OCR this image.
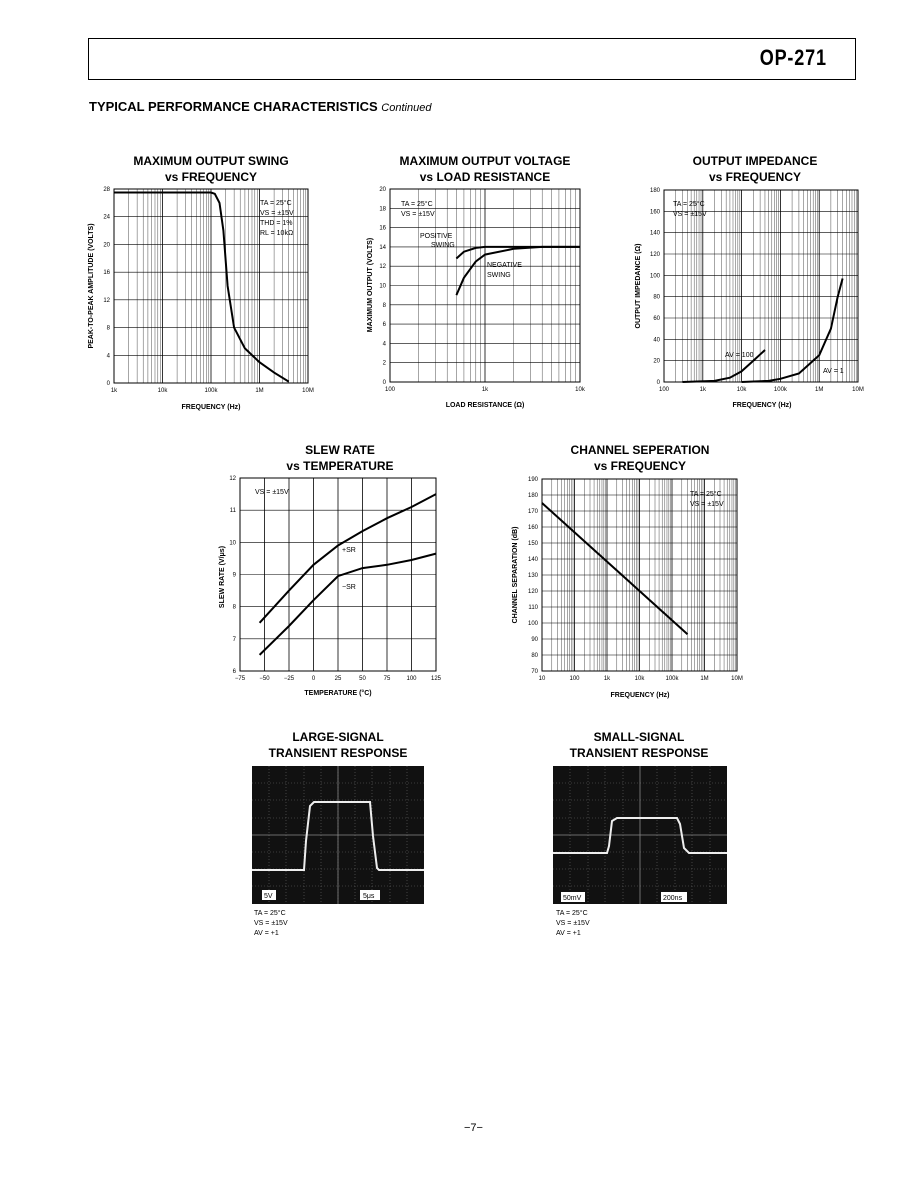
OP-271
TYPICAL PERFORMANCE CHARACTERISTICS Continued
MAXIMUM OUTPUT SWING
vs FREQUENCY
MAXIMUM OUTPUT VOLTAGE
vs LOAD RESISTANCE
OUTPUT IMPEDANCE
vs FREQUENCY
SLEW RATE
vs TEMPERATURE
CHANNEL SEPERATION
vs FREQUENCY
PEAK-TO-PEAK AMPLITUDE (VOLTS)
FREQUENCY (Hz)
TA = 25°C
VS = ±15V
THD = 1%
RL = 10kΩ
1k	10k	100k	1M	10M
0
4
8
12
16
20
24
28
MAXIMUM OUTPUT (VOLTS)
LOAD RESISTANCE (Ω)
TA = 25°C
VS = ±15V
POSITIVE
SWING
NEGATIVE
SWING
100	1k	10k
0
2
4
6
8
10
12
14
16
18
20
OUTPUT IMPEDANCE (Ω)
FREQUENCY (Hz)
TA = 25°C
VS = ±15V
AV = 100
AV = 1
100	1k	10k	100k	1M	10M
0
20
40
60
80
100
120
140
160
180
SLEW RATE (V/μs)
TEMPERATURE (°C)
VS = ±15V
+SR
−SR
−75 −50 −25	0	25	50	75	100 125
6
7
8
9
10
11
12
CHANNEL SEPARATION (dB)
FREQUENCY (Hz)
TA = 25°C
VS = ±15V
10	100	1k	10k	100k	1M	10M
70
80
90
100
110
120
130
140
150
160
170
180
190
LARGE-SIGNAL
TRANSIENT RESPONSE
SMALL-SIGNAL
TRANSIENT RESPONSE
5V	5μs
TA = 25°C
VS = ±15V
AV = +1
50mV	200ns
TA = 25°C
VS = ±15V
AV = +1
−7−
